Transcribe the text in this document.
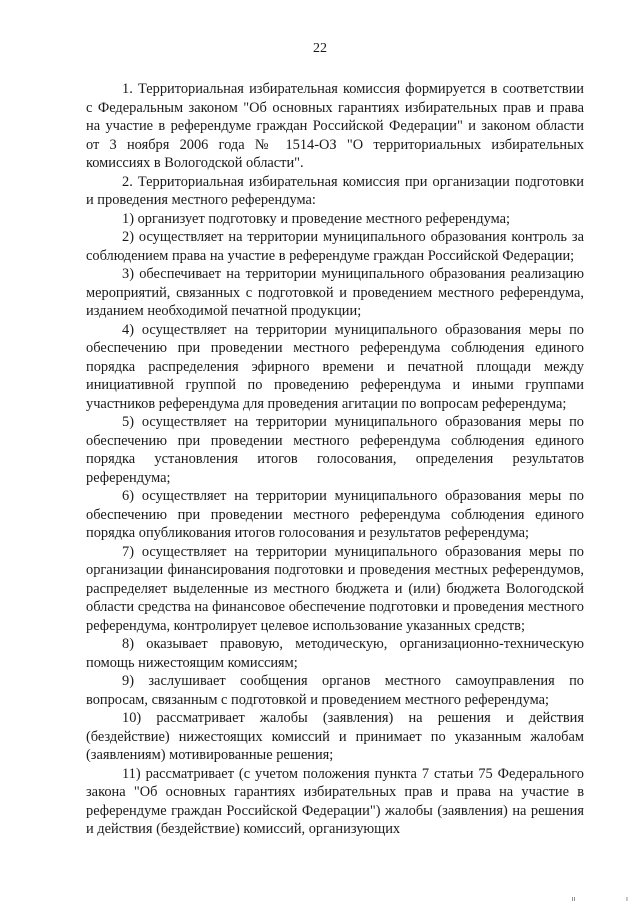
22

1. Территориальная избирательная комиссия формируется в соответствии с Федеральным законом "Об основных гарантиях избирательных прав и права на участие в референдуме граждан Российской Федерации" и законом области от 3 ноября 2006 года № 1514-ОЗ "О территориальных избирательных комиссиях в Вологодской области".

2. Территориальная избирательная комиссия при организации подготовки и проведения местного референдума:

1) организует подготовку и проведение местного референдума;

2) осуществляет на территории муниципального образования контроль за соблюдением права на участие в референдуме граждан Российской Федерации;

3) обеспечивает на территории муниципального образования реализацию мероприятий, связанных с подготовкой и проведением местного референдума, изданием необходимой печатной продукции;

4) осуществляет на территории муниципального образования меры по обеспечению при проведении местного референдума соблюдения единого порядка распределения эфирного времени и печатной площади между инициативной группой по проведению референдума и иными группами участников референдума для проведения агитации по вопросам референдума;

5) осуществляет на территории муниципального образования меры по обеспечению при проведении местного референдума соблюдения единого порядка установления итогов голосования, определения результатов референдума;

6) осуществляет на территории муниципального образования меры по обеспечению при проведении местного референдума соблюдения единого порядка опубликования итогов голосования и результатов референдума;

7) осуществляет на территории муниципального образования меры по организации финансирования подготовки и проведения местных референдумов, распределяет выделенные из местного бюджета и (или) бюджета Вологодской области средства на финансовое обеспечение подготовки и проведения местного референдума, контролирует целевое использование указанных средств;

8) оказывает правовую, методическую, организационно-техническую помощь нижестоящим комиссиям;

9) заслушивает сообщения органов местного самоуправления по вопросам, связанным с подготовкой и проведением местного референдума;

10) рассматривает жалобы (заявления) на решения и действия (бездействие) нижестоящих комиссий и принимает по указанным жалобам (заявлениям) мотивированные решения;

11) рассматривает (с учетом положения пункта 7 статьи 75 Федерального закона "Об основных гарантиях избирательных прав и права на участие в референдуме граждан Российской Федерации") жалобы (заявления) на решения и действия (бездействие) комиссий, организующих

 ıı	ı
